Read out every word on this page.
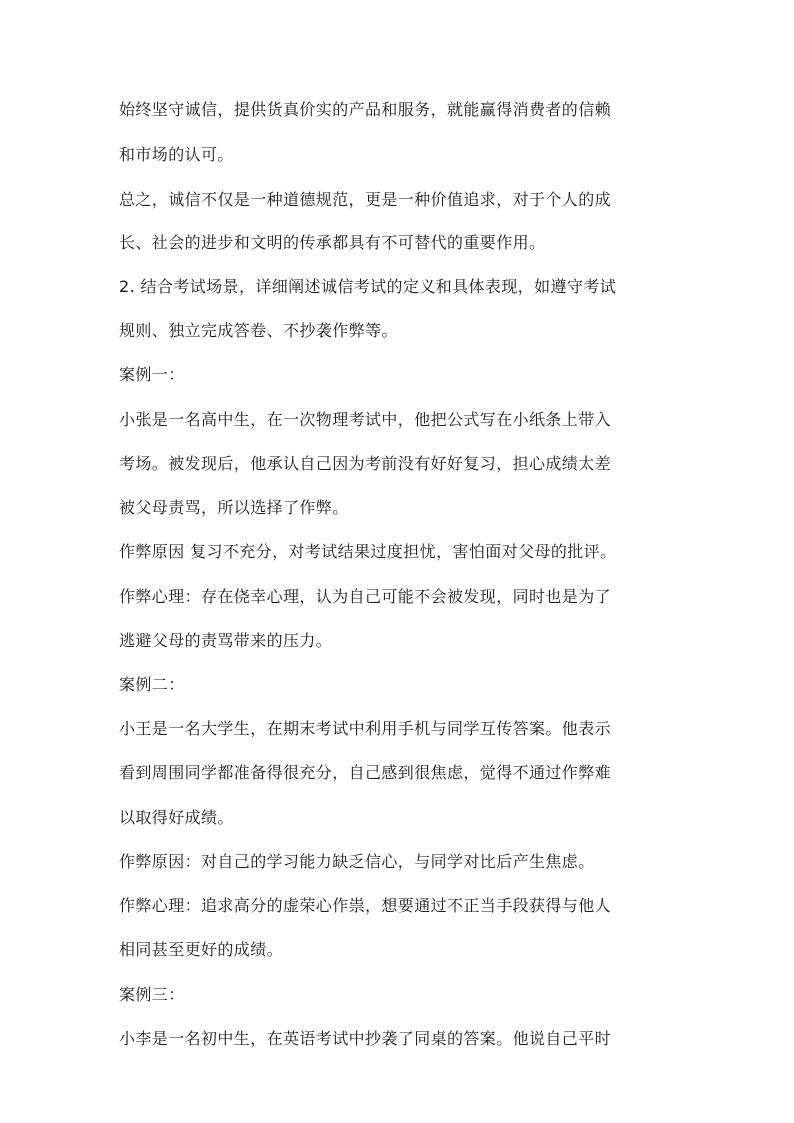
始终坚守诚信，提供货真价实的产品和服务，就能赢得消费者的信赖
和市场的认可。
总之，诚信不仅是一种道德规范，更是一种价值追求，对于个人的成
长、社会的进步和文明的传承都具有不可替代的重要作用。
2. 结合考试场景，详细阐述诚信考试的定义和具体表现，如遵守考试
规则、独立完成答卷、不抄袭作弊等。
案例一：
小张是一名高中生，在一次物理考试中，他把公式写在小纸条上带入
考场。被发现后，他承认自己因为考前没有好好复习，担心成绩太差
被父母责骂，所以选择了作弊。
作弊原因 复习不充分，对考试结果过度担忧，害怕面对父母的批评。
作弊心理：存在侥幸心理，认为自己可能不会被发现，同时也是为了
逃避父母的责骂带来的压力。
案例二：
小王是一名大学生，在期末考试中利用手机与同学互传答案。他表示
看到周围同学都准备得很充分，自己感到很焦虑，觉得不通过作弊难
以取得好成绩。
作弊原因：对自己的学习能力缺乏信心，与同学对比后产生焦虑。
作弊心理：追求高分的虚荣心作祟，想要通过不正当手段获得与他人
相同甚至更好的成绩。
案例三：
小李是一名初中生，在英语考试中抄袭了同桌的答案。他说自己平时
